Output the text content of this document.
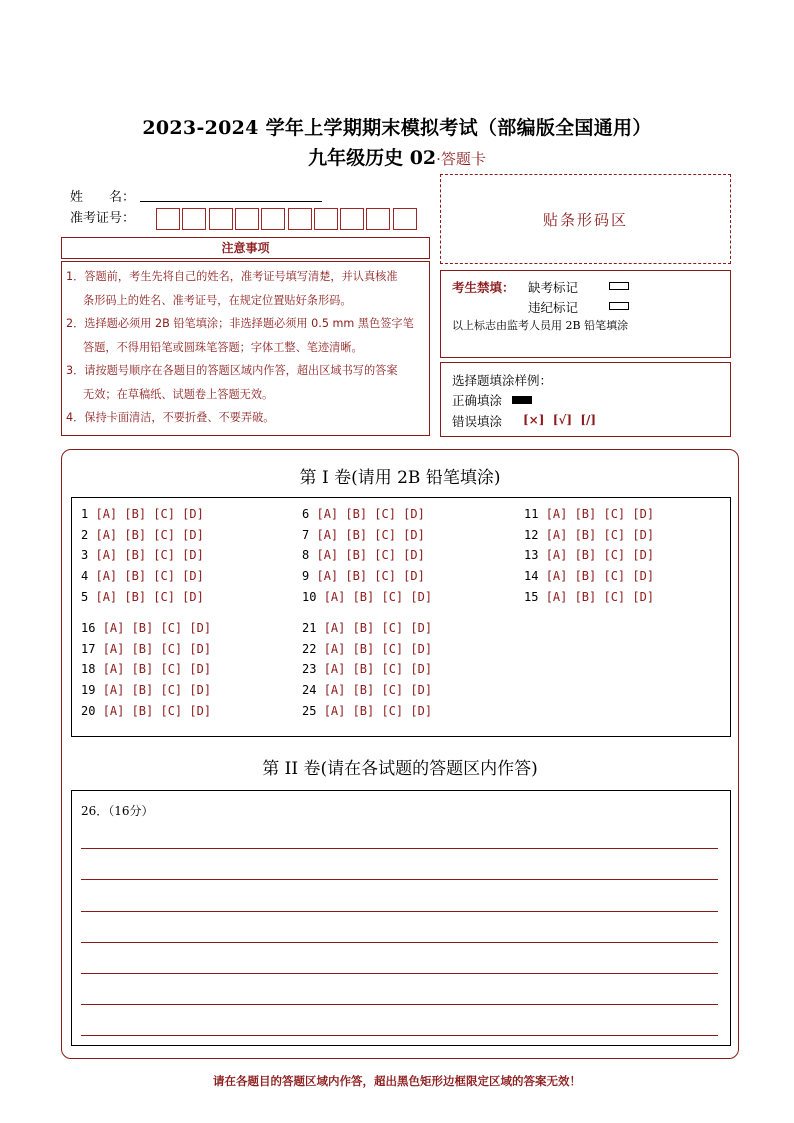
2023-2024 学年上学期期末模拟考试（部编版全国通用）
九年级历史 02·答题卡
姓　　名：
准考证号：	贴条形码区
注意事项

1．答题前，考生先将自己的姓名，准考证号填写清楚，并认真核准

条形码上的姓名、准考证号，在规定位置贴好条形码。

2．选择题必须用 2B 铅笔填涂；非选择题必须用 0.5 mm 黑色签字笔

答题，不得用铅笔或圆珠笔答题；字体工整、笔迹清晰。

3．请按题号顺序在各题目的答题区域内作答，超出区域书写的答案

无效；在草稿纸、试题卷上答题无效。

4．保持卡面清洁，不要折叠、不要弄破。

考生禁填： 缺考标记
违纪标记
以上标志由监考人员用 2B 铅笔填涂
选择题填涂样例：
正确填涂
错误填涂 [×]  [√]  [/]
第 I 卷(请用 2B 铅笔填涂)
1 [A] [B] [C] [D]
2 [A] [B] [C] [D]
3 [A] [B] [C] [D]
4 [A] [B] [C] [D]
5 [A] [B] [C] [D]
6 [A] [B] [C] [D]
7 [A] [B] [C] [D]
8 [A] [B] [C] [D]
9 [A] [B] [C] [D]
10 [A] [B] [C] [D]
11 [A] [B] [C] [D]
12 [A] [B] [C] [D]
13 [A] [B] [C] [D]
14 [A] [B] [C] [D]
15 [A] [B] [C] [D]
16 [A] [B] [C] [D]
17 [A] [B] [C] [D]
18 [A] [B] [C] [D]
19 [A] [B] [C] [D]
20 [A] [B] [C] [D]
21 [A] [B] [C] [D]
22 [A] [B] [C] [D]
23 [A] [B] [C] [D]
24 [A] [B] [C] [D]
25 [A] [B] [C] [D]
第 II 卷(请在各试题的答题区内作答)
26．（16分）
请在各题目的答题区域内作答，超出黑色矩形边框限定区域的答案无效！
